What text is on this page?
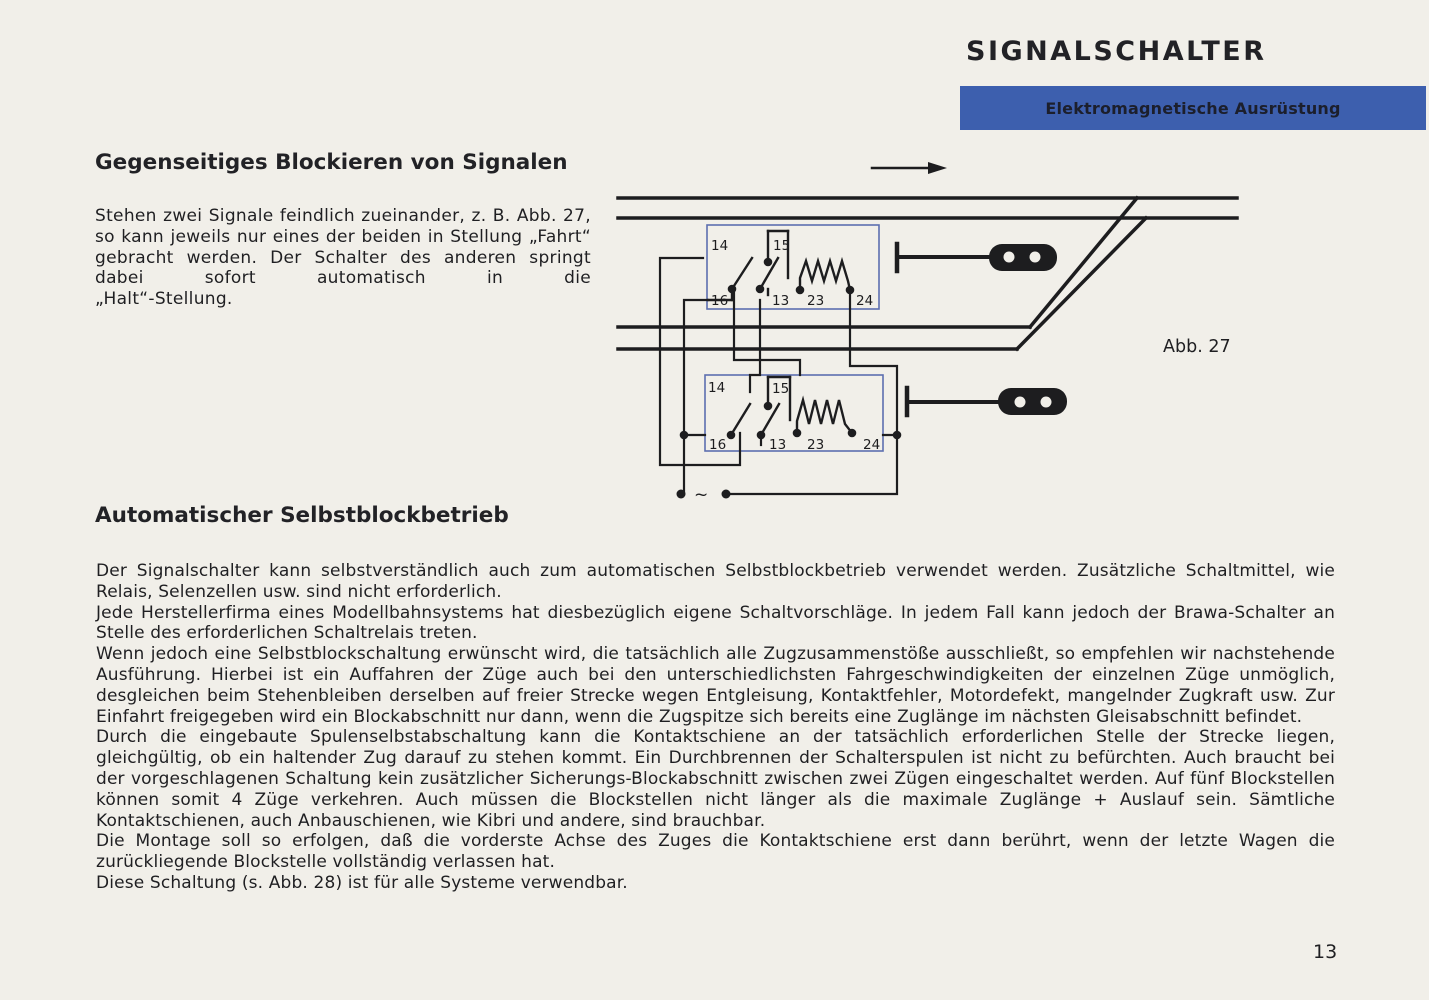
SIGNALSCHALTER
Elektromagnetische Ausrüstung
Gegenseitiges Blockieren von Signalen

Stehen zwei Signale feindlich zueinander, z. B. Abb. 27, so kann jeweils nur eines der beiden in Stellung „Fahrt“ gebracht werden. Der Schalter des anderen springt dabei sofort automatisch in die
„Halt“-Stellung.

14	15
16	13 23 24
14	15
16	13 23	24
~
Abb. 27
Automatischer Selbstblockbetrieb

Der Signalschalter kann selbstverständlich auch zum automatischen Selbstblockbetrieb verwendet werden. Zusätzliche Schaltmittel, wie Relais, Selenzellen usw. sind nicht erforderlich.

Jede Herstellerfirma eines Modellbahnsystems hat diesbezüglich eigene Schaltvorschläge. In jedem Fall kann jedoch der Brawa-Schalter an Stelle des erforderlichen Schaltrelais treten.

Wenn jedoch eine Selbstblockschaltung erwünscht wird, die tatsächlich alle Zugzusammenstöße ausschließt, so empfehlen wir nachstehende Ausführung. Hierbei ist ein Auffahren der Züge auch bei den unterschiedlichsten Fahrgeschwindigkeiten der einzelnen Züge unmöglich, desgleichen beim Stehenbleiben derselben auf freier Strecke wegen Entgleisung, Kontaktfehler, Motordefekt, mangelnder Zugkraft usw. Zur Einfahrt freigegeben wird ein Blockabschnitt nur dann, wenn die Zugspitze sich bereits eine Zuglänge im nächsten Gleisabschnitt befindet.

Durch die eingebaute Spulenselbstabschaltung kann die Kontaktschiene an der tatsächlich erforderlichen Stelle der Strecke liegen, gleichgültig, ob ein haltender Zug darauf zu stehen kommt. Ein Durchbrennen der Schalterspulen ist nicht zu befürchten. Auch braucht bei der vorgeschlagenen Schaltung kein zusätzlicher Sicherungs-Blockabschnitt zwischen zwei Zügen eingeschaltet werden. Auf fünf Blockstellen können somit 4 Züge verkehren. Auch müssen die Blockstellen nicht länger als die maximale Zuglänge + Auslauf sein. Sämtliche Kontaktschienen, auch Anbauschienen, wie Kibri und andere, sind brauchbar.

Die Montage soll so erfolgen, daß die vorderste Achse des Zuges die Kontaktschiene erst dann berührt, wenn der letzte Wagen die zurückliegende Blockstelle vollständig verlassen hat.

Diese Schaltung (s. Abb. 28) ist für alle Systeme verwendbar.

13
